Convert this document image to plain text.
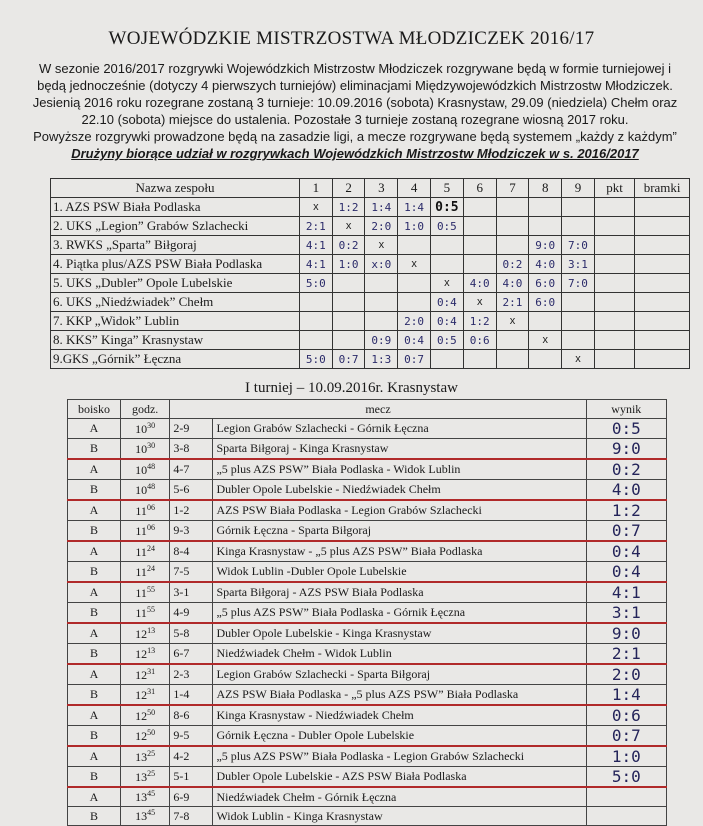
WOJEWÓDZKIE MISTRZOSTWA MŁODZICZEK 2016/17

W sezonie 2016/2017 rozgrywki Wojewódzkich Mistrzostw Młodziczek rozgrywane będą w formie turniejowej i

będą jednocześnie (dotyczy 4 pierwszych turniejów) eliminacjami Międzywojewódzkich Mistrzostw Młodziczek.

Jesienią 2016 roku rozegrane zostaną 3 turnieje: 10.09.2016 (sobota) Krasnystaw, 29.09 (niedziela) Chełm oraz

22.10 (sobota) miejsce do ustalenia. Pozostałe 3 turnieje zostaną rozegrane wiosną 2017 roku.

Powyższe rozgrywki prowadzone będą na zasadzie ligi, a mecze rozgrywane będą systemem „każdy z każdym”

Drużyny biorące udział w rozgrywkach Wojewódzkich Mistrzostw Młodziczek w s. 2016/2017

Nazwa zespołu	1	2	3	4	5	6	7	8	9	pkt	bramki
1. AZS PSW Biała Podlaska	x	1:2	1:4	1:4	0:5						
2. UKS „Legion” Grabów Szlachecki	2:1	x	2:0	1:0	0:5						
3. RWKS „Sparta” Biłgoraj	4:1	0:2	x					9:0	7:0		
4. Piątka plus/AZS PSW Biała Podlaska	4:1	1:0	x:0	x			0:2	4:0	3:1		
5. UKS „Dubler” Opole Lubelskie	5:0				x	4:0	4:0	6:0	7:0		
6. UKS „Niedźwiadek” Chełm					0:4	x	2:1	6:0			
7. KKP „Widok” Lublin				2:0	0:4	1:2	x				
8. KKS” Kinga” Krasnystaw			0:9	0:4	0:5	0:6		x			
9.GKS „Górnik” Łęczna	5:0	0:7	1:3	0:7					x		
I turniej – 10.09.2016r. Krasnystaw
boisko	godz.	mecz		wynik
A	$10^{30}$	2-9	Legion Grabów Szlachecki - Górnik Łęczna	0:5
B	$10^{30}$	3-8	Sparta Biłgoraj - Kinga Krasnystaw	9:0
A	$10^{48}$	4-7	„5 plus AZS PSW” Biała Podlaska - Widok Lublin	0:2
B	$10^{48}$	5-6	Dubler Opole Lubelskie - Niedźwiadek Chełm	4:0
A	$11^{06}$	1-2	AZS PSW Biała Podlaska - Legion Grabów Szlachecki	1:2
B	$11^{06}$	9-3	Górnik Łęczna - Sparta Biłgoraj	0:7
A	$11^{24}$	8-4	Kinga Krasnystaw - „5 plus AZS PSW” Biała Podlaska	0:4
B	$11^{24}$	7-5	Widok Lublin -Dubler Opole Lubelskie	0:4
A	$11^{55}$	3-1	Sparta Biłgoraj - AZS PSW Biała Podlaska	4:1
B	$11^{55}$	4-9	„5 plus AZS PSW” Biała Podlaska - Górnik Łęczna	3:1
A	$12^{13}$	5-8	Dubler Opole Lubelskie - Kinga Krasnystaw	9:0
B	$12^{13}$	6-7	Niedźwiadek Chełm - Widok Lublin	2:1
A	$12^{31}$	2-3	Legion Grabów Szlachecki - Sparta Biłgoraj	2:0
B	$12^{31}$	1-4	AZS PSW Biała Podlaska - „5 plus AZS PSW” Biała Podlaska	1:4
A	$12^{50}$	8-6	Kinga Krasnystaw - Niedźwiadek Chełm	0:6
B	$12^{50}$	9-5	Górnik Łęczna - Dubler Opole Lubelskie	0:7
A	$13^{25}$	4-2	„5 plus AZS PSW” Biała Podlaska - Legion Grabów Szlachecki	1:0
B	$13^{25}$	5-1	Dubler Opole Lubelskie - AZS PSW Biała Podlaska	5:0
A	$13^{45}$	6-9	Niedźwiadek Chełm - Górnik Łęczna	
B	$13^{45}$	7-8	Widok Lublin - Kinga Krasnystaw	
